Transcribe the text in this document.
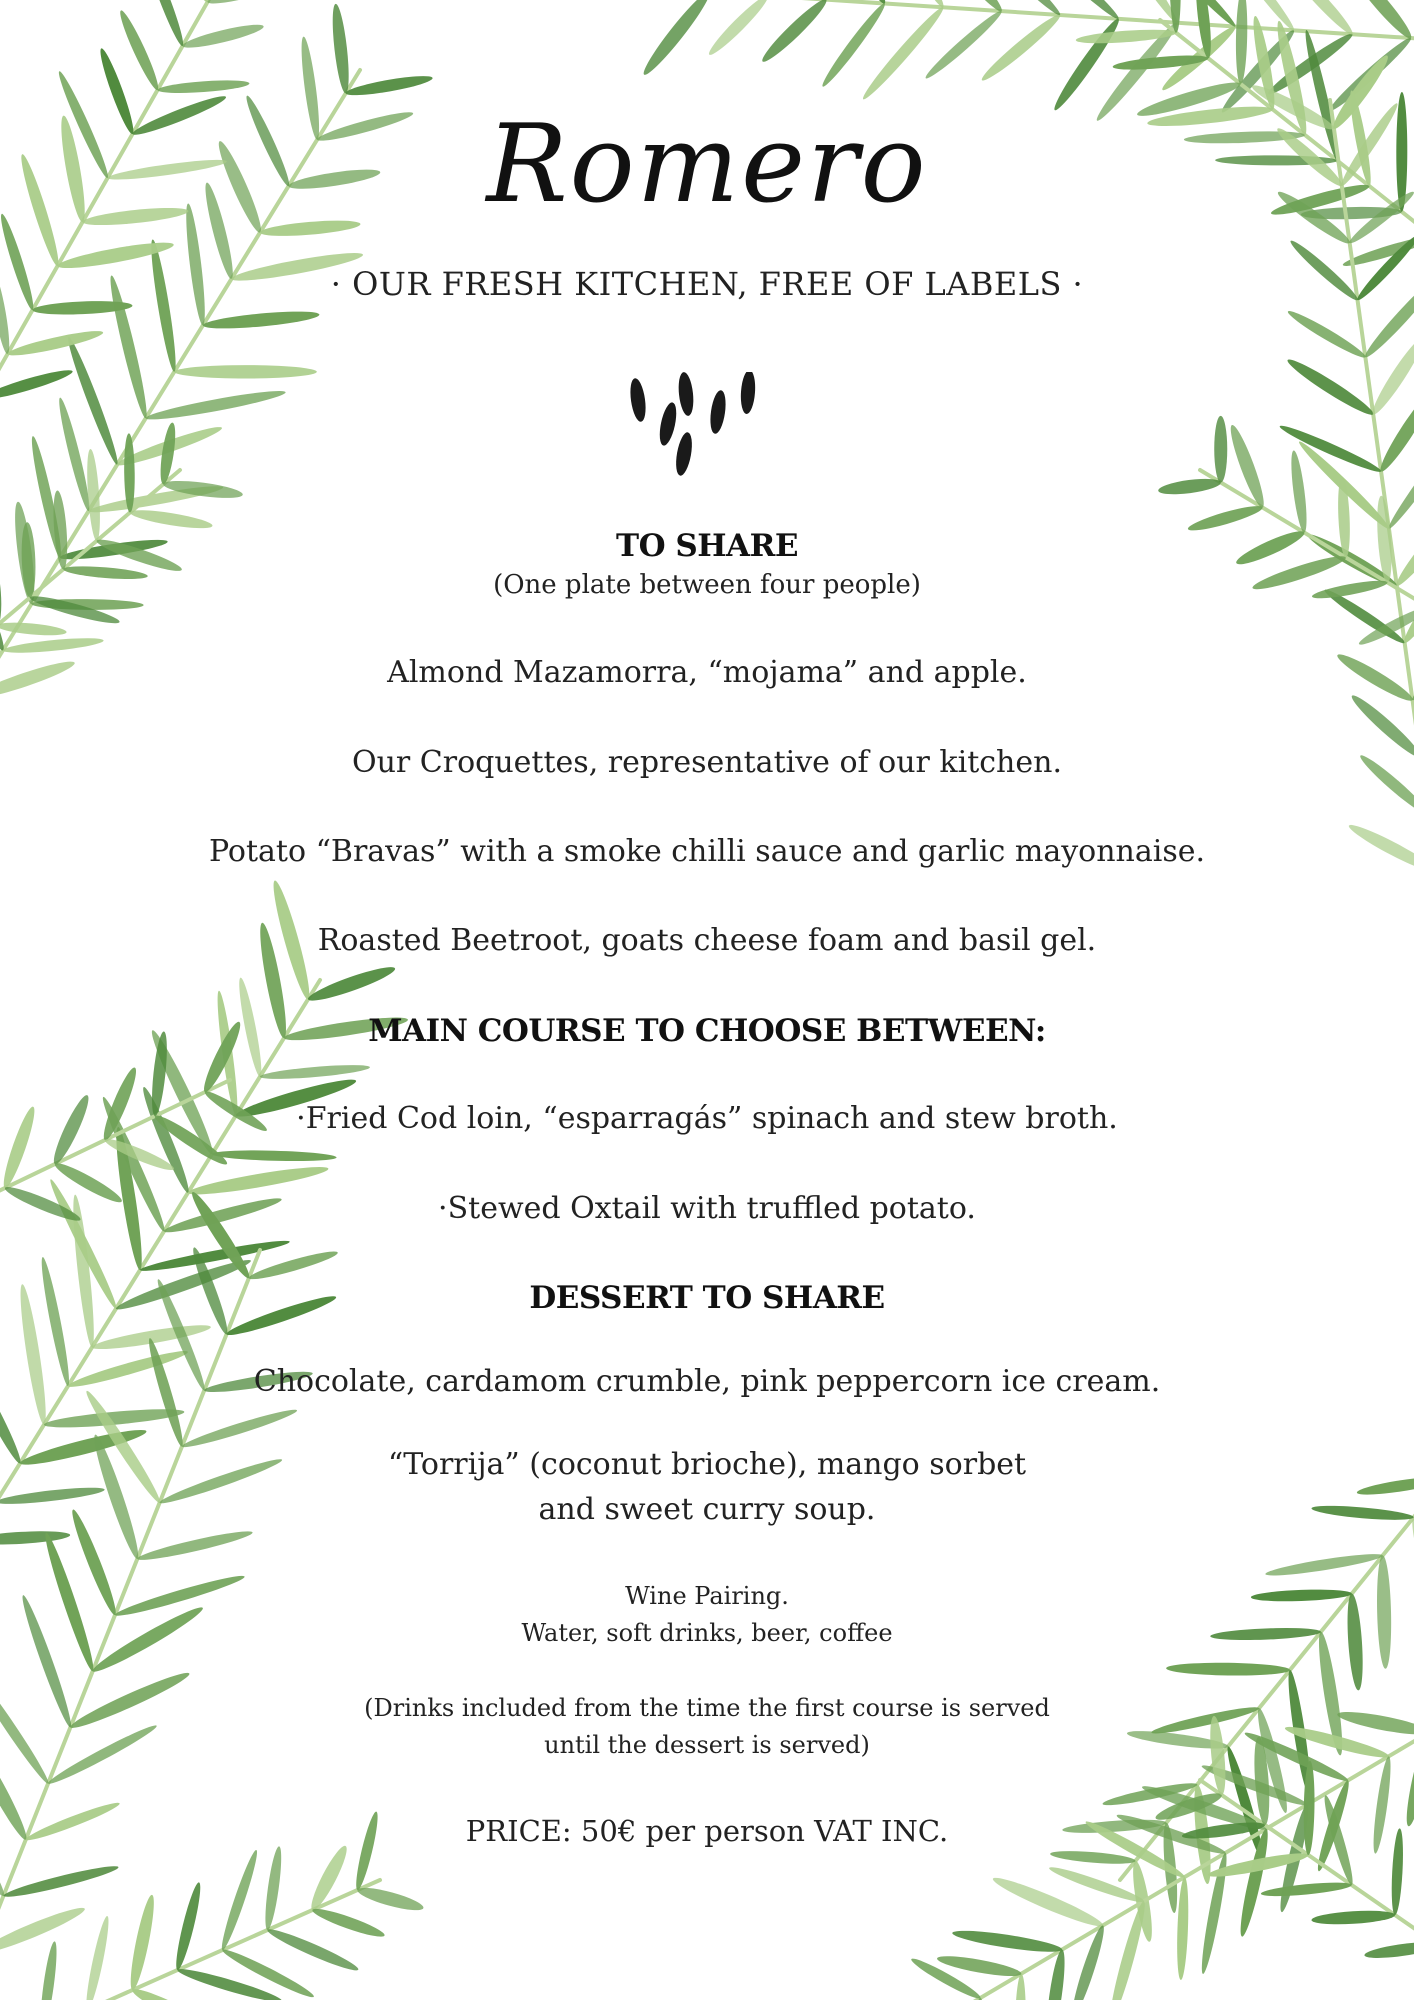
Romero
· OUR FRESH KITCHEN, FREE OF LABELS ·
TO SHARE
(One plate between four people)
Almond Mazamorra, “mojama” and apple.
Our Croquettes, representative of our kitchen.
Potato “Bravas” with a smoke chilli sauce and garlic mayonnaise.
Roasted Beetroot, goats cheese foam and basil gel.
MAIN COURSE TO CHOOSE BETWEEN:
·Fried Cod loin, “esparragás” spinach and stew broth.
·Stewed Oxtail with truffled potato.
DESSERT TO SHARE
Chocolate, cardamom crumble, pink peppercorn ice cream.
“Torrija” (coconut brioche), mango sorbet
and sweet curry soup.
Wine Pairing.
Water, soft drinks, beer, coffee
(Drinks included from the time the first course is served
until the dessert is served)
PRICE: 50€ per person VAT INC.
